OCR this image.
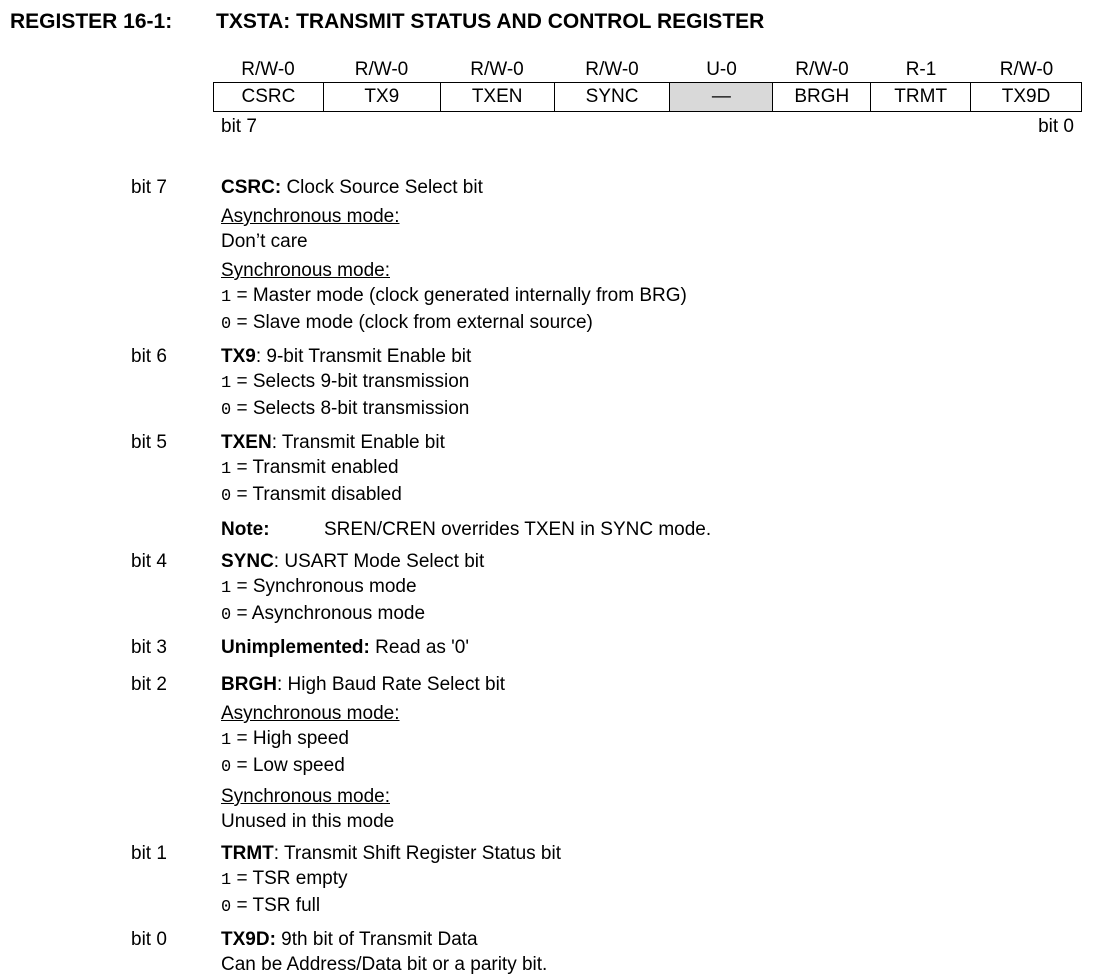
REGISTER 16-1: TXSTA: TRANSMIT STATUS AND CONTROL REGISTER
R/W-0	R/W-0	R/W-0	R/W-0	U-0	R/W-0	R-1	R/W-0
CSRC	TX9	TXEN	SYNC	—	BRGH	TRMT	TX9D
bit 7	bit 0
bit 7	CSRC: Clock Source Select bit
Asynchronous mode:
Don’t care
Synchronous mode:
1 = Master mode (clock generated internally from BRG)
0 = Slave mode (clock from external source)
bit 6	TX9: 9-bit Transmit Enable bit
1 = Selects 9-bit transmission
0 = Selects 8-bit transmission
bit 5	TXEN: Transmit Enable bit
1 = Transmit enabled
0 = Transmit disabled
Note:	SREN/CREN overrides TXEN in SYNC mode.
bit 4	SYNC: USART Mode Select bit
1 = Synchronous mode
0 = Asynchronous mode
bit 3	Unimplemented: Read as '0'
bit 2	BRGH: High Baud Rate Select bit
Asynchronous mode:
1 = High speed
0 = Low speed
Synchronous mode:
Unused in this mode
bit 1	TRMT: Transmit Shift Register Status bit
1 = TSR empty
0 = TSR full
bit 0	TX9D: 9th bit of Transmit Data
Can be Address/Data bit or a parity bit.
